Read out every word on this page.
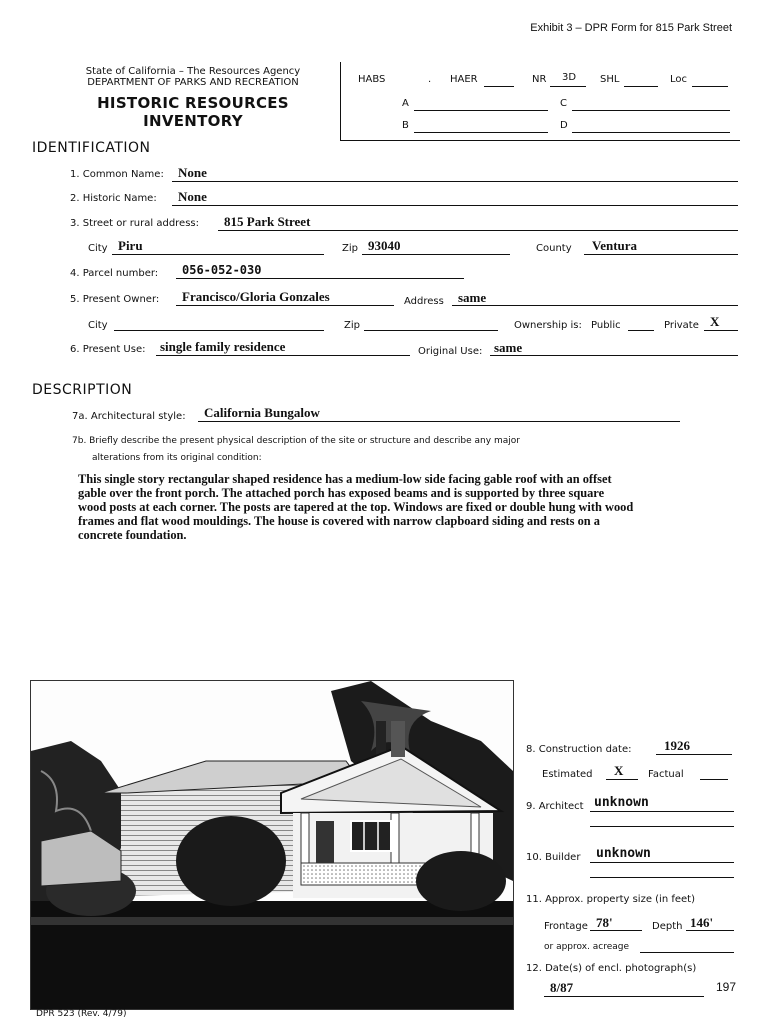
Exhibit 3 – DPR Form for 815 Park Street
State of California – The Resources Agency
DEPARTMENT OF PARKS AND RECREATION
HISTORIC RESOURCES INVENTORY
HABS	. HAER	NR 3D SHL	Loc
A	C
B	D
IDENTIFICATION
1. Common Name: None
2. Historic Name: None
3. Street or rural address: 815 Park Street
City Piru	Zip 93040	County Ventura
4. Parcel number: 056-052-030
5. Present Owner: Francisco/Gloria Gonzales	Address same
City	Zip	Ownership is: Public	Private X
6. Present Use: single family residence	Original Use: same
DESCRIPTION
7a. Architectural style: California Bungalow
7b. Briefly describe the present physical description of the site or structure and describe any major
alterations from its original condition:
This single story rectangular shaped residence has a medium-low side facing gable roof with an offset
gable over the front porch. The attached porch has exposed beams and is supported by three square
wood posts at each corner. The posts are tapered at the top. Windows are fixed or double hung with wood
frames and flat wood mouldings. The house is covered with narrow clapboard siding and rests on a
concrete foundation.
8. Construction date:	1926
Estimated X Factual
9. Architect unknown
10. Builder unknown
11. Approx. property size (in feet)
Frontage 78'	Depth 146'
or approx. acreage
12. Date(s) of encl. photograph(s)
8/87	197
DPR 523 (Rev. 4/79)
